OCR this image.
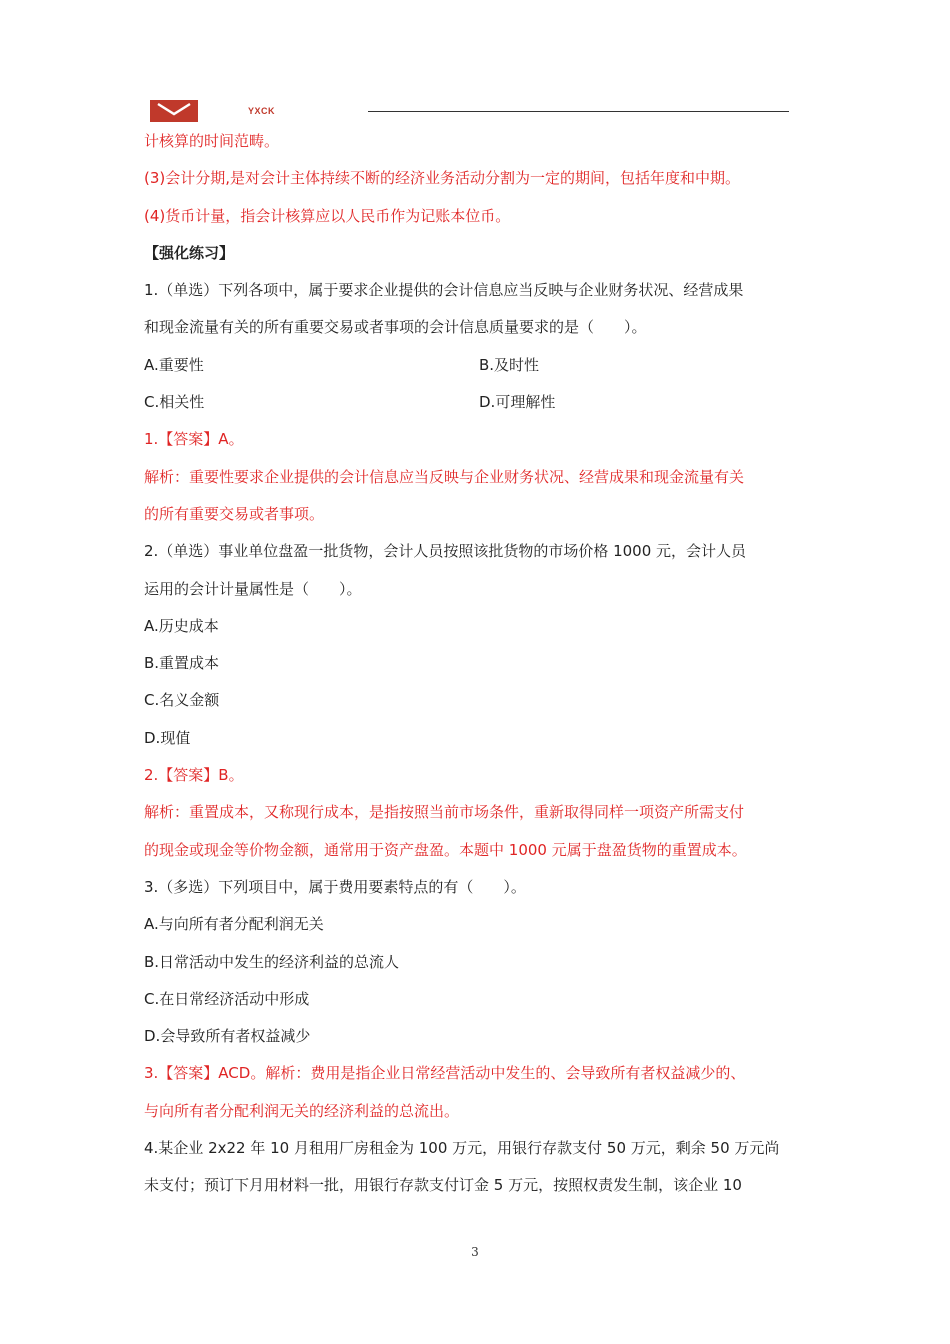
YXCK
计核算的时间范畴。
(3)会计分期,是对会计主体持续不断的经济业务活动分割为一定的期间，包括年度和中期。
(4)货币计量，指会计核算应以人民币作为记账本位币。
【强化练习】
1.（单选）下列各项中，属于要求企业提供的会计信息应当反映与企业财务状况、经营成果
和现金流量有关的所有重要交易或者事项的会计信息质量要求的是（　　）。
A.重要性	B.及时性
C.相关性	D.可理解性
1.【答案】A。
解析：重要性要求企业提供的会计信息应当反映与企业财务状况、经营成果和现金流量有关
的所有重要交易或者事项。
2.（单选）事业单位盘盈一批货物，会计人员按照该批货物的市场价格 1000 元，会计人员
运用的会计计量属性是（　　）。
A.历史成本
B.重置成本
C.名义金额
D.现值
2.【答案】B。
解析：重置成本，又称现行成本，是指按照当前市场条件，重新取得同样一项资产所需支付
的现金或现金等价物金额，通常用于资产盘盈。本题中 1000 元属于盘盈货物的重置成本。
3.（多选）下列项目中，属于费用要素特点的有（　　）。
A.与向所有者分配利润无关
B.日常活动中发生的经济利益的总流人
C.在日常经济活动中形成
D.会导致所有者权益减少
3.【答案】ACD。解析：费用是指企业日常经营活动中发生的、会导致所有者权益减少的、
与向所有者分配利润无关的经济利益的总流出。
4.某企业 2x22 年 10 月租用厂房租金为 100 万元，用银行存款支付 50 万元，剩余 50 万元尚
未支付；预订下月用材料一批，用银行存款支付订金 5 万元，按照权责发生制，该企业 10
3
